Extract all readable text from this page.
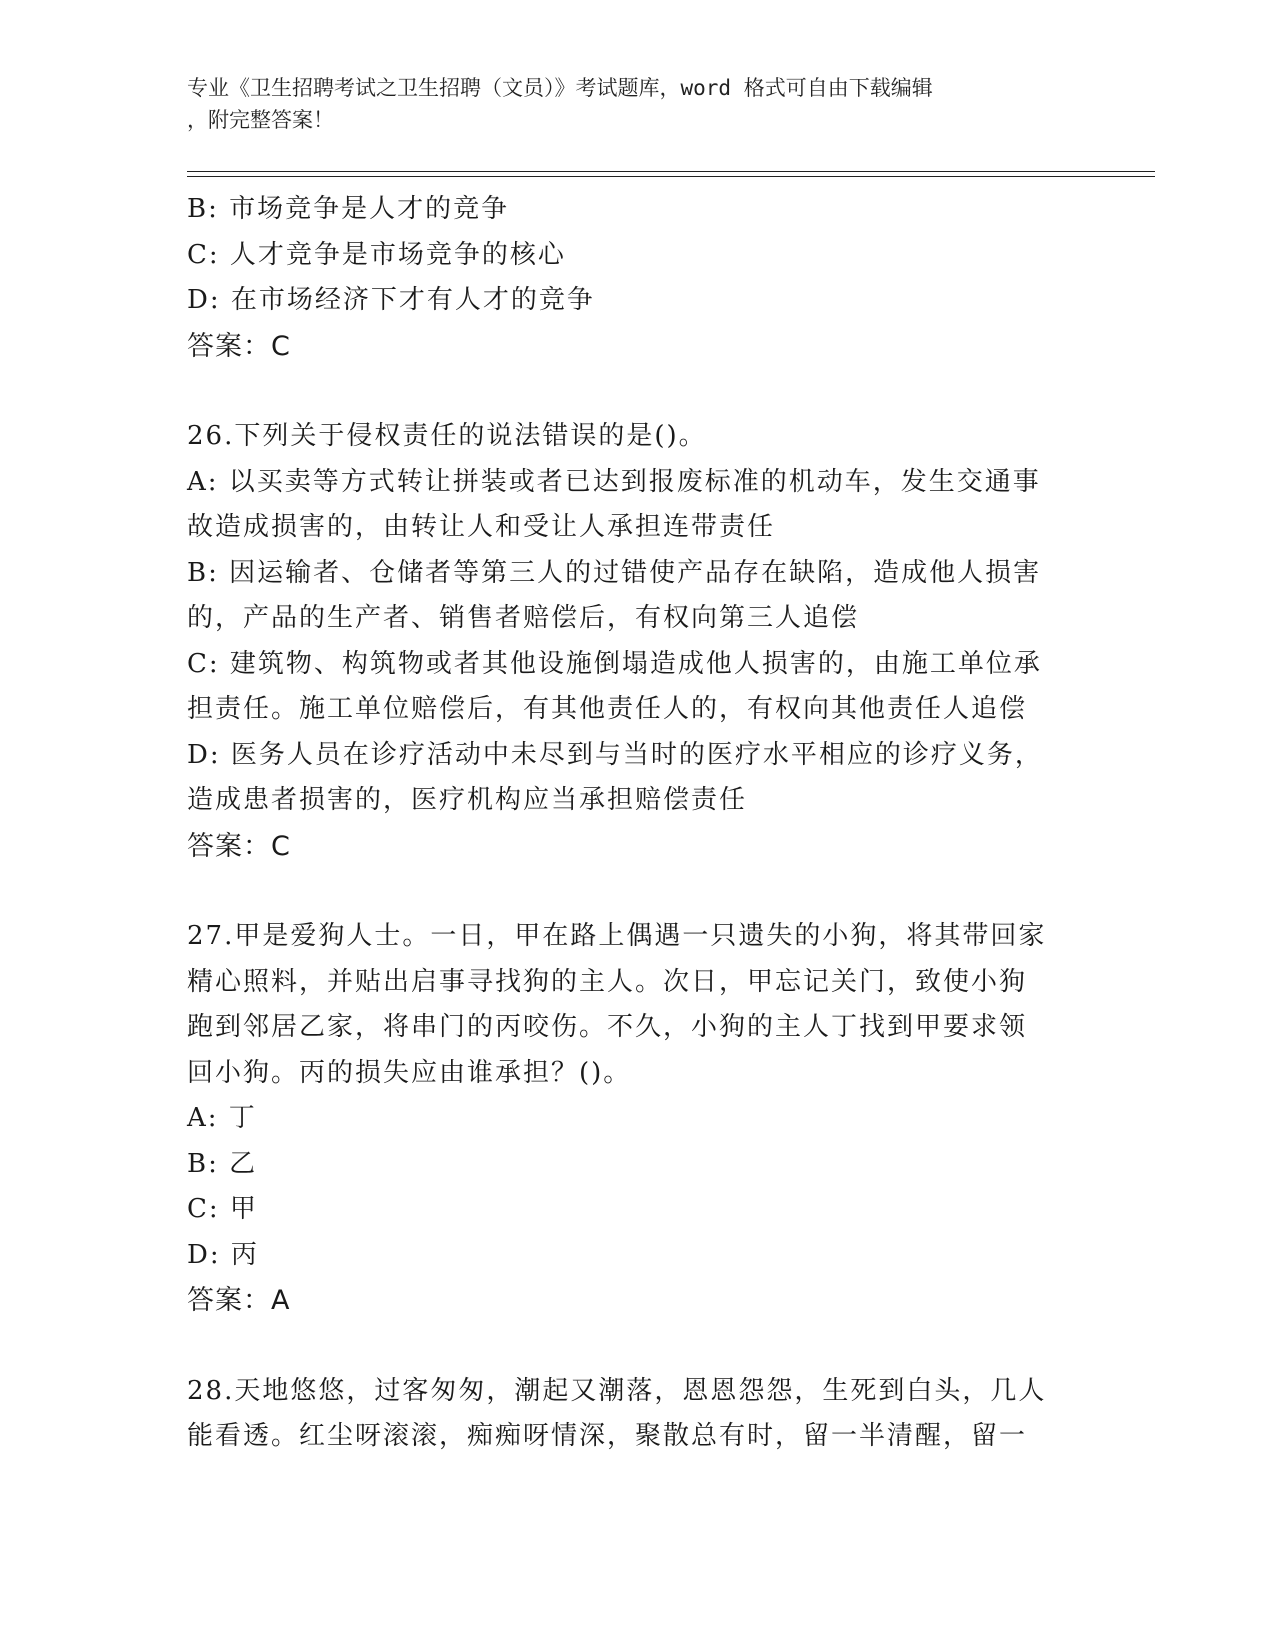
专业《卫生招聘考试之卫生招聘（文员）》考试题库，word 格式可自由下载编辑
，附完整答案！
B: 市场竞争是人才的竞争
C: 人才竞争是市场竞争的核心
D: 在市场经济下才有人才的竞争
答案：C
26.下列关于侵权责任的说法错误的是()。
A: 以买卖等方式转让拼装或者已达到报废标准的机动车，发生交通事
故造成损害的，由转让人和受让人承担连带责任
B: 因运输者、仓储者等第三人的过错使产品存在缺陷，造成他人损害
的，产品的生产者、销售者赔偿后，有权向第三人追偿
C: 建筑物、构筑物或者其他设施倒塌造成他人损害的，由施工单位承
担责任。施工单位赔偿后，有其他责任人的，有权向其他责任人追偿
D: 医务人员在诊疗活动中未尽到与当时的医疗水平相应的诊疗义务，
造成患者损害的，医疗机构应当承担赔偿责任
答案：C
27.甲是爱狗人士。一日，甲在路上偶遇一只遗失的小狗，将其带回家
精心照料，并贴出启事寻找狗的主人。次日，甲忘记关门，致使小狗
跑到邻居乙家，将串门的丙咬伤。不久，小狗的主人丁找到甲要求领
回小狗。丙的损失应由谁承担？()。
A: 丁
B: 乙
C: 甲
D: 丙
答案：A
28.天地悠悠，过客匆匆，潮起又潮落，恩恩怨怨，生死到白头，几人
能看透。红尘呀滚滚，痴痴呀情深，聚散总有时，留一半清醒，留一
